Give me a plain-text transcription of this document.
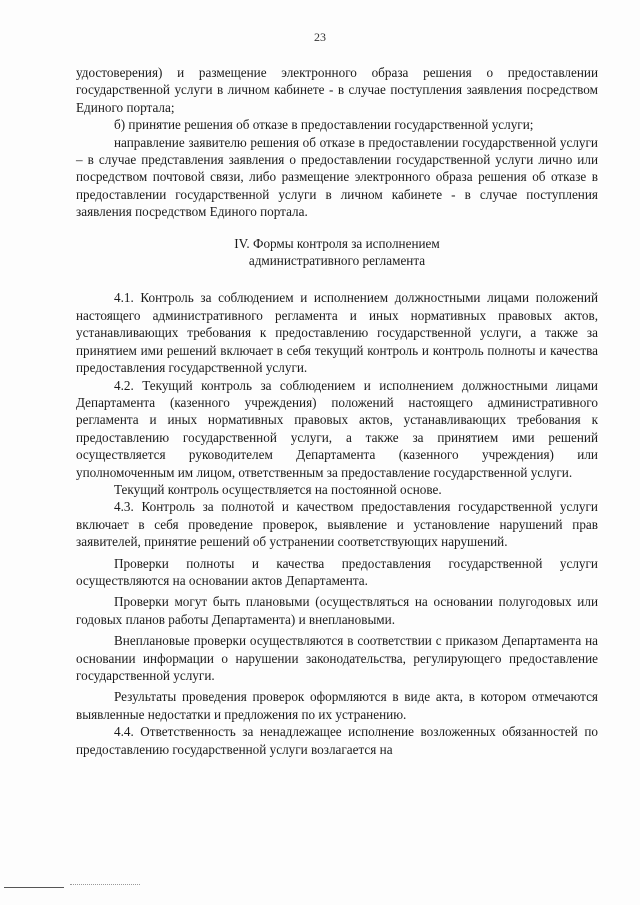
23

удостоверения) и размещение электронного образа решения о предоставлении государственной услуги в личном кабинете - в случае поступления заявления посредством Единого портала;

б) принятие решения об отказе в предоставлении государственной услуги;

направление заявителю решения об отказе в предоставлении государственной услуги – в случае представления заявления о предоставлении государственной услуги лично или посредством почтовой связи, либо размещение электронного образа решения об отказе в предоставлении государственной услуги в личном кабинете - в случае поступления заявления посредством Единого портала.

IV. Формы контроля за исполнением
административного регламента

4.1. Контроль за соблюдением и исполнением должностными лицами положений настоящего административного регламента и иных нормативных правовых актов, устанавливающих требования к предоставлению государственной услуги, а также за принятием ими решений включает в себя текущий контроль и контроль полноты и качества предоставления государственной услуги.

4.2. Текущий контроль за соблюдением и исполнением должностными лицами Департамента (казенного учреждения) положений настоящего административного регламента и иных нормативных правовых актов, устанавливающих требования к предоставлению государственной услуги, а также за принятием ими решений осуществляется руководителем Департамента (казенного учреждения) или уполномоченным им лицом, ответственным за предоставление государственной услуги.

Текущий контроль осуществляется на постоянной основе.

4.3. Контроль за полнотой и качеством предоставления государственной услуги включает в себя проведение проверок, выявление и установление нарушений прав заявителей, принятие решений об устранении соответствующих нарушений.

Проверки полноты и качества предоставления государственной услуги осуществляются на основании актов Департамента.

Проверки могут быть плановыми (осуществляться на основании полугодовых или годовых планов работы Департамента) и внеплановыми.

Внеплановые проверки осуществляются в соответствии с приказом Департамента на основании информации о нарушении законодательства, регулирующего предоставление государственной услуги.

Результаты проведения проверок оформляются в виде акта, в котором отмечаются выявленные недостатки и предложения по их устранению.

4.4. Ответственность за ненадлежащее исполнение возложенных обязанностей по предоставлению государственной услуги возлагается на
